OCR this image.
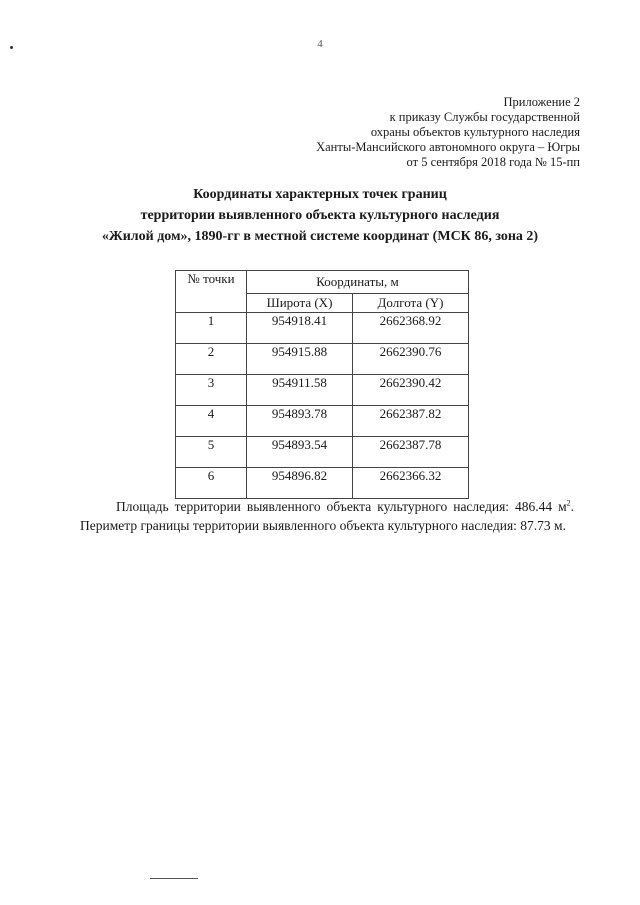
4
Приложение 2
к приказу Службы государственной
охраны объектов культурного наследия
Ханты-Мансийского автономного округа – Югры
от 5 сентября 2018 года № 15-пп
Координаты характерных точек границ
территории выявленного объекта культурного наследия
«Жилой дом», 1890-гг в местной системе координат (МСК 86, зона 2)
№ точки	Координаты, м	
	Широта (X)	Долгота (Y)
1	954918.41	2662368.92
2	954915.88	2662390.76
3	954911.58	2662390.42
4	954893.78	2662387.82
5	954893.54	2662387.78
6	954896.82	2662366.32
Площадь территории выявленного объекта культурного наследия: 486.44 $м^2$. Периметр границы территории выявленного объекта культурного наследия: 87.73 м.
